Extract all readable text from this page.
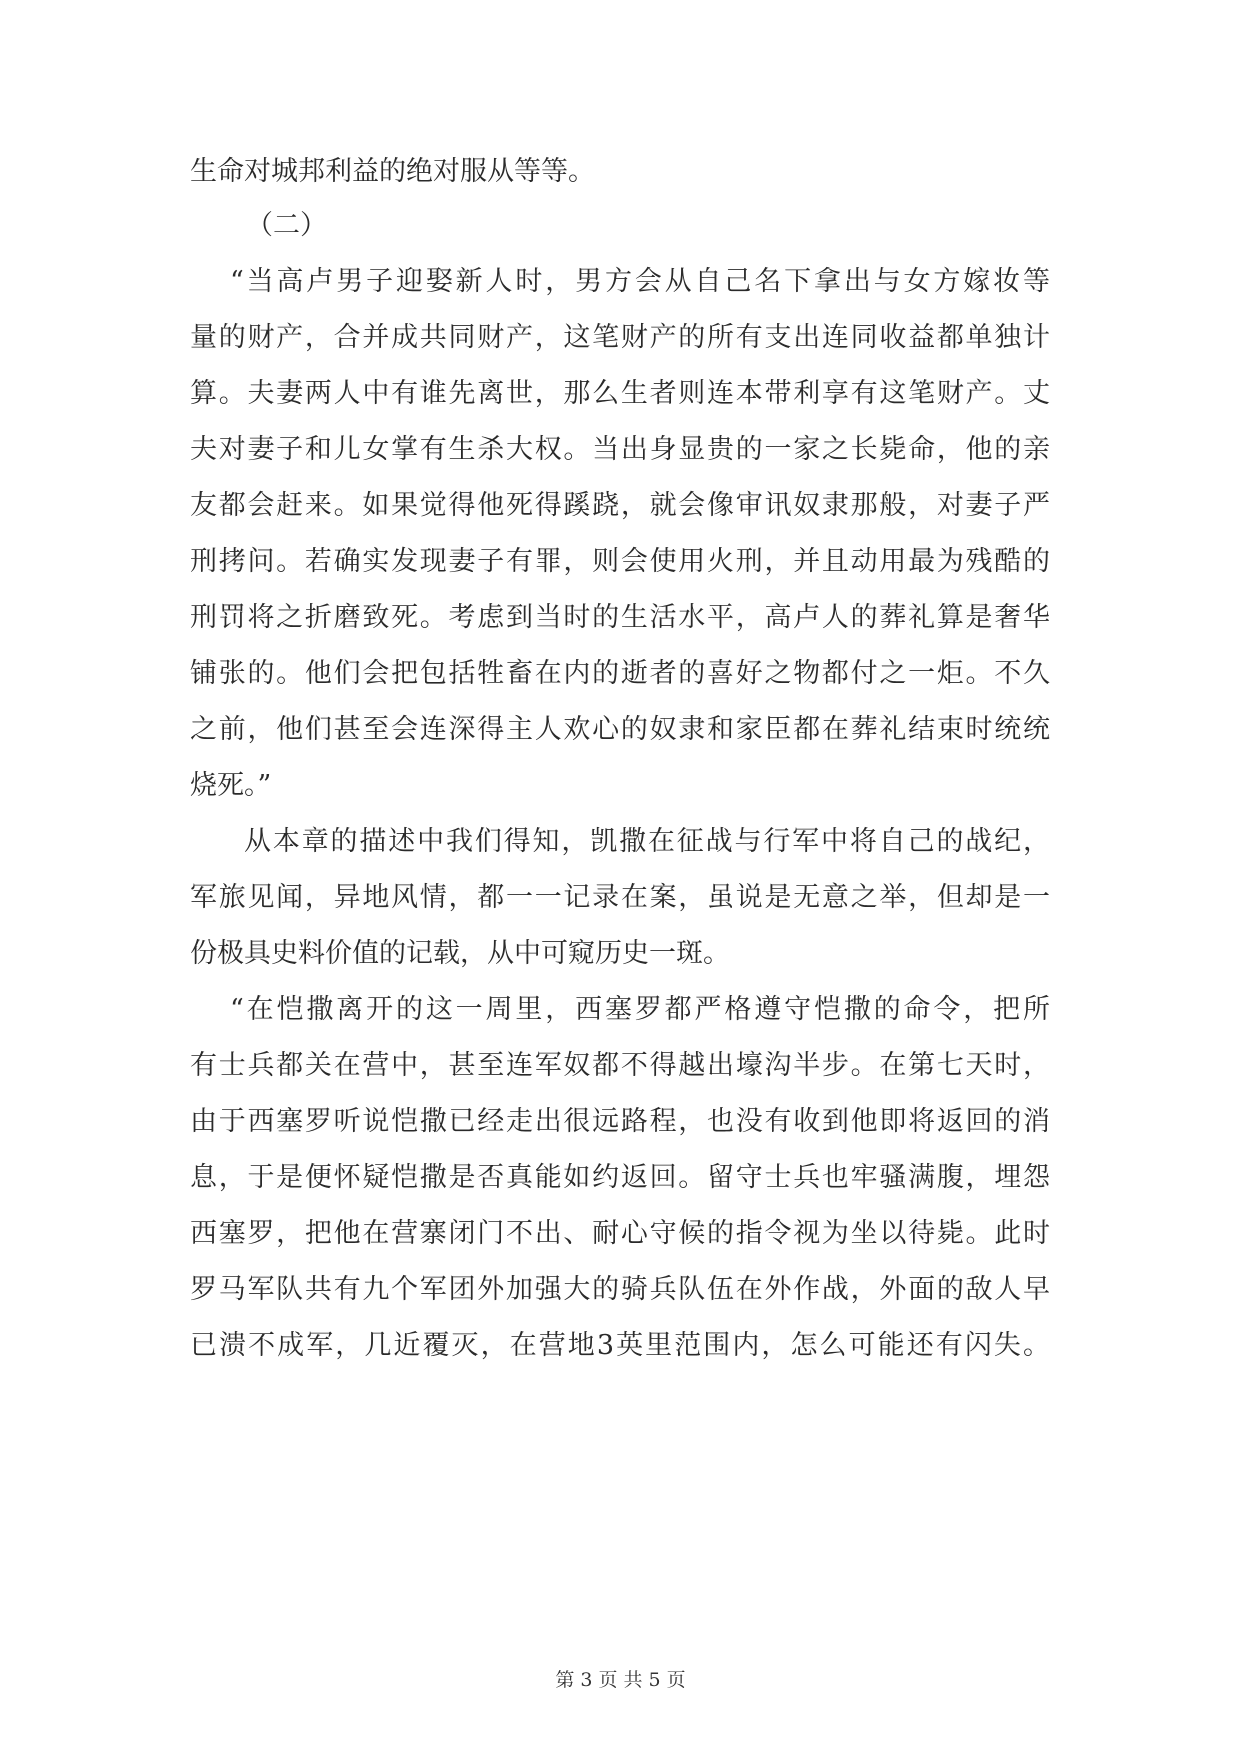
生命对城邦利益的绝对服从等等。
（二）
“当高卢男子迎娶新人时，男方会从自己名下拿出与女方嫁妆等
量的财产，合并成共同财产，这笔财产的所有支出连同收益都单独计
算。夫妻两人中有谁先离世，那么生者则连本带利享有这笔财产。丈
夫对妻子和儿女掌有生杀大权。当出身显贵的一家之长毙命，他的亲
友都会赶来。如果觉得他死得蹊跷，就会像审讯奴隶那般，对妻子严
刑拷问。若确实发现妻子有罪，则会使用火刑，并且动用最为残酷的
刑罚将之折磨致死。考虑到当时的生活水平，高卢人的葬礼算是奢华
铺张的。他们会把包括牲畜在内的逝者的喜好之物都付之一炬。不久
之前，他们甚至会连深得主人欢心的奴隶和家臣都在葬礼结束时统统
烧死。”
从本章的描述中我们得知，凯撒在征战与行军中将自己的战纪，
军旅见闻，异地风情，都一一记录在案，虽说是无意之举，但却是一
份极具史料价值的记载，从中可窥历史一斑。
“在恺撒离开的这一周里，西塞罗都严格遵守恺撒的命令，把所
有士兵都关在营中，甚至连军奴都不得越出壕沟半步。在第七天时，
由于西塞罗听说恺撒已经走出很远路程，也没有收到他即将返回的消
息，于是便怀疑恺撒是否真能如约返回。留守士兵也牢骚满腹，埋怨
西塞罗，把他在营寨闭门不出、耐心守候的指令视为坐以待毙。此时
罗马军队共有九个军团外加强大的骑兵队伍在外作战，外面的敌人早
已溃不成军，几近覆灭，在营地3英里范围内，怎么可能还有闪失。
第 3 页 共 5 页
